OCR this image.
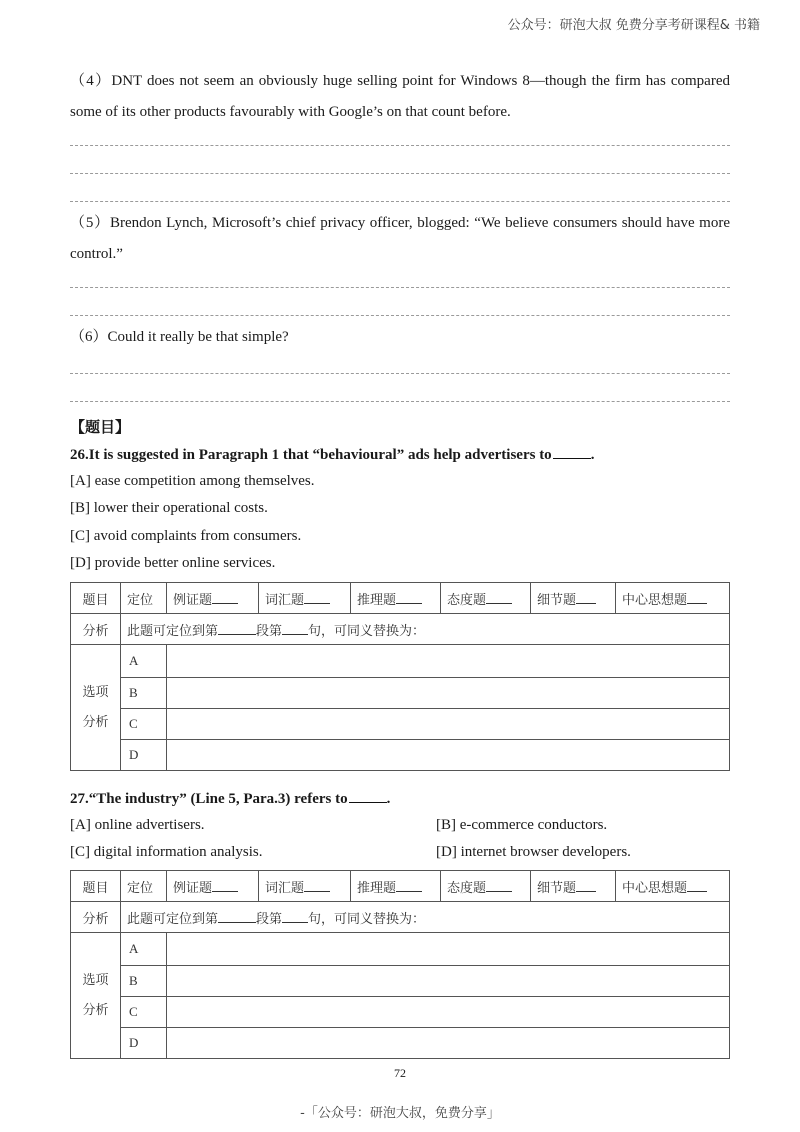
公众号：研泡大叔 免费分享考研课程& 书籍
（4）DNT does not seem an obviously huge selling point for Windows 8—though the firm has compared some of its other products favourably with Google’s on that count before.
（5）Brendon Lynch, Microsoft’s chief privacy officer, blogged: “We believe consumers should have more control.”
（6）Could it really be that simple?
【题目】
26.It is suggested in Paragraph 1 that “behavioural” ads help advertisers to	.
[A] ease competition among themselves.
[B] lower their operational costs.
[C] avoid complaints from consumers.
[D] provide better online services.
题目	定位	例证题	词汇题	推理题	态度题	细节题	中心思想题
分析	此题可定位到第 段第 句，可同义替换为：						
选项
分析	A						
	B						
	C						
	D						
27.“The industry” (Line 5, Para.3) refers to	.
[A] online advertisers.	[B] e-commerce conductors.
[C] digital information analysis.	[D] internet browser developers.
题目	定位	例证题	词汇题	推理题	态度题	细节题	中心思想题
分析	此题可定位到第 段第 句，可同义替换为：						
选项
分析	A						
	B						
	C						
	D						
72
-「公众号：研泡大叔，免费分享」
